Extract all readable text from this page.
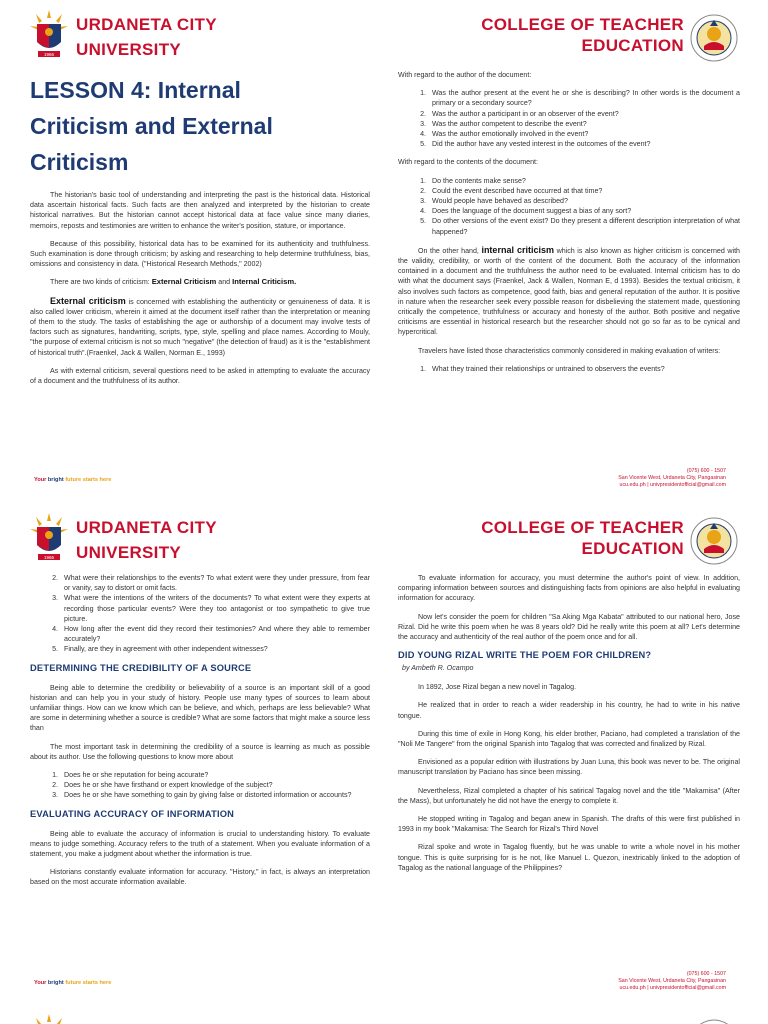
1966
URDANETA CITY
UNIVERSITY
COLLEGE OF TEACHER
EDUCATION
LESSON 4: Internal
Criticism and External
Criticism

The historian's basic tool of understanding and interpreting the past is the historical data. Historical data ascertain historical facts. Such facts are then analyzed and interpreted by the historian to create historical narratives. But the historian cannot accept historical data at face value since many diaries, memoirs, reposts and testimonies are written to enhance the writer's position, stature, or importance.

Because of this possibility, historical data has to be examined for its authenticity and truthfulness. Such examination is done through criticism; by asking and researching to help determine truthfulness, bias, omissions and consistency in data. ("Historical Research Methods," 2002)

There are two kinds of criticism: External Criticism and Internal Criticism.

External criticism is concerned with establishing the authenticity or genuineness of data. It is also called lower criticism, wherein it aimed at the document itself rather than the interpretation or meaning of them to the study. The tasks of establishing the age or authorship of a document may involve tests of factors such as signatures, handwriting, scripts, type, style, spelling and place names. According to Mouly, "the purpose of external criticism is not so much "negative" (the detection of fraud) as it is the "establishment of historical truth".(Fraenkel, Jack & Wallen, Norman E., 1993)

As with external criticism, several questions need to be asked in attempting to evaluate the accuracy of a document and the truthfulness of its author.

With regard to the author of the document:

1. Was the author present at the event he or she is describing? In other words is the document a primary or a secondary source?
2. Was the author a participant in or an observer of the event?
3. Was the author competent to describe the event?
4. Was the author emotionally involved in the event?
5. Did the author have any vested interest in the outcomes of the event?

With regard to the contents of the document:

1. Do the contents make sense?
2. Could the event described have occurred at that time?
3. Would people have behaved as described?
4. Does the language of the document suggest a bias of any sort?
5. Do other versions of the event exist? Do they present a different description interpretation of what happened?

On the other hand, internal criticism which is also known as higher criticism is concerned with the validity, credibility, or worth of the content of the document. Both the accuracy of the information contained in a document and the truthfulness the author need to be evaluated. Internal criticism has to do with what the document says (Fraenkel, Jack & Wallen, Norman E, d 1993). Besides the textual criticism, it also involves such factors as competence, good faith, bias and general reputation of the author. It is positive in nature when the researcher seek every possible reason for disbelieving the statement made, questioning critically the competence, truthfulness or accuracy and honesty of the author. Both positive and negative criticisms are essential in historical research but the researcher should not go so far as to be cynical and hypercritical.

Travelers have listed those characteristics commonly considered in making evaluation of writers:

1. What they trained their relationships or untrained to observers the events?
Your bright future starts here
(075) 600 - 1507
San Vicente West, Urdaneta City, Pangasinan
ucu.edu.ph | univpresidentofficial@gmail.com
1966
URDANETA CITY
UNIVERSITY
COLLEGE OF TEACHER
EDUCATION
2. What were their relationships to the events? To what extent were they under pressure, from fear or vanity, say to distort or omit facts.
3. What were the intentions of the writers of the documents? To what extent were they experts at recording those particular events? Were they too antagonist or too sympathetic to give true picture.
4. How long after the event did they record their testimonies? And where they able to remember accurately?
5. Finally, are they in agreement with other independent witnesses?
DETERMINING THE CREDIBILITY OF A SOURCE

Being able to determine the credibility or believability of a source is an important skill of a good historian and can help you in your study of history. People use many types of sources to learn about unfamiliar things. How can we know which can be believe, and which, perhaps are less believable? What are some in determining whether a source is credible? What are some factors that might make a source less than

The most important task in determining the credibility of a source is learning as much as possible about its author. Use the following questions to know more about

1. Does he or she reputation for being accurate?
2. Does he or she have firsthand or expert knowledge of the subject?
3. Does he or she have something to gain by giving false or distorted information or accounts?
EVALUATING ACCURACY OF INFORMATION

Being able to evaluate the accuracy of information is crucial to understanding history. To evaluate means to judge something. Accuracy refers to the truth of a statement. When you evaluate information of a statement, you make a judgment about whether the information is true.

Historians constantly evaluate information for accuracy. "History," in fact, is always an interpretation based on the most accurate information available.

To evaluate information for accuracy, you must determine the author's point of view. In addition, comparing information between sources and distinguishing facts from opinions are also helpful in evaluating information for accuracy.

Now let's consider the poem for children "Sa Aking Mga Kabata" attributed to our national hero, Jose Rizal. Did he write this poem when he was 8 years old? Did he really write this poem at all? Let's determine the accuracy and authenticity of the real author of the poem once and for all.

DID YOUNG RIZAL WRITE THE POEM FOR CHILDREN?
by Ambeth R. Ocampo

In 1892, Jose Rizal began a new novel in Tagalog.

He realized that in order to reach a wider readership in his country, he had to write in his native tongue.

During this time of exile in Hong Kong, his elder brother, Paciano, had completed a translation of the "Noli Me Tangere" from the original Spanish into Tagalog that was corrected and finalized by Rizal.

Envisioned as a popular edition with illustrations by Juan Luna, this book was never to be. The original manuscript translation by Paciano has since been missing.

Nevertheless, Rizal completed a chapter of his satirical Tagalog novel and the title "Makamisa" (After the Mass), but unfortunately he did not have the energy to complete it.

He stopped writing in Tagalog and began anew in Spanish. The drafts of this were first published in 1993 in my book "Makamisa: The Search for Rizal's Third Novel

Rizal spoke and wrote in Tagalog fluently, but he was unable to write a whole novel in his mother tongue. This is quite surprising for is he not, like Manuel L. Quezon, inextricably linked to the adoption of Tagalog as the national language of the Philippines?

Your bright future starts here
(075) 600 - 1507
San Vicente West, Urdaneta City, Pangasinan
ucu.edu.ph | univpresidentofficial@gmail.com
